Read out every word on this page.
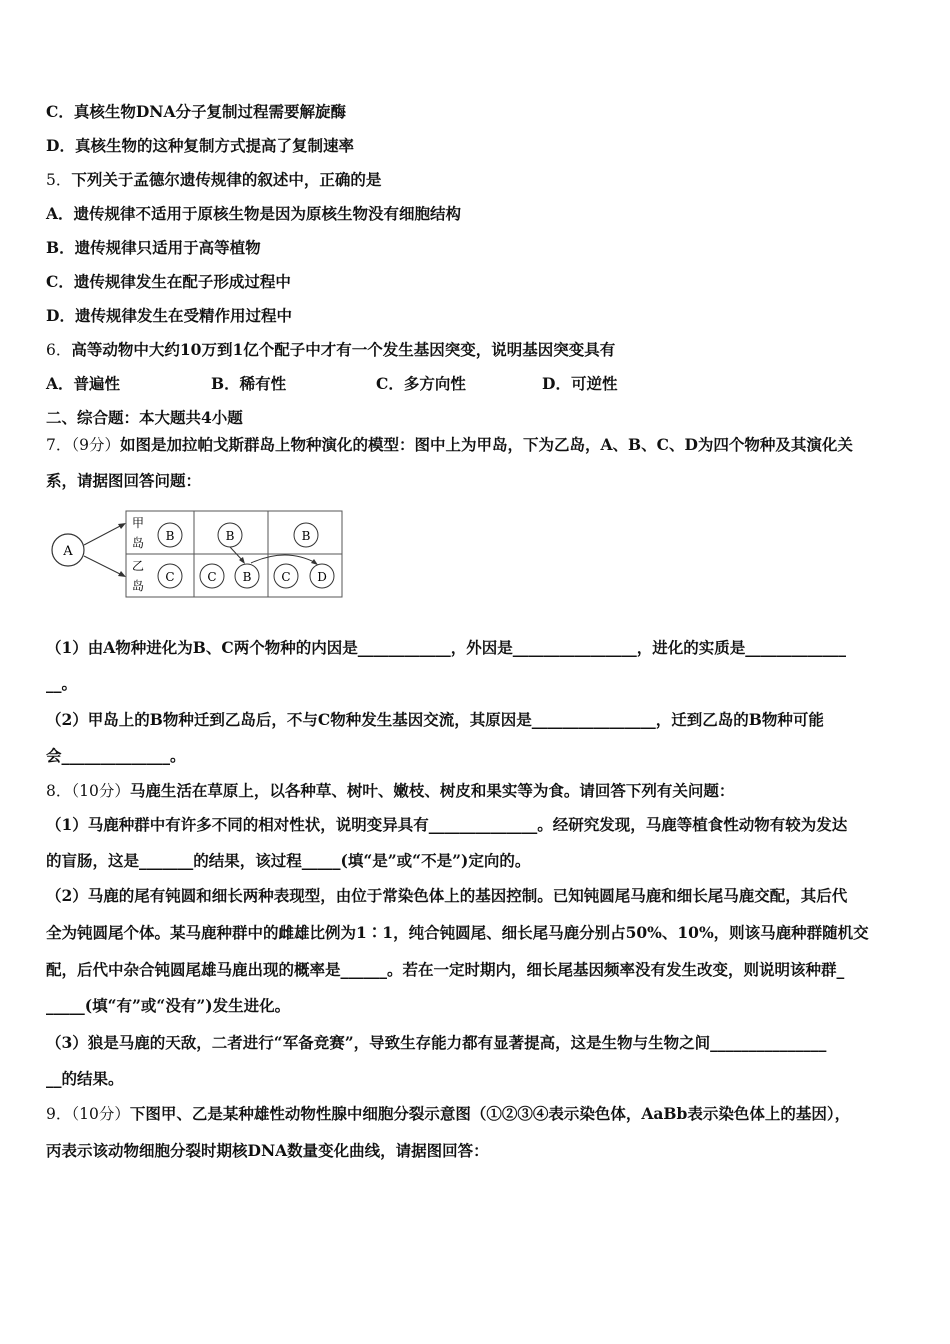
C．真核生物DNA分子复制过程需要解旋酶
D．真核生物的这种复制方式提高了复制速率
5．下列关于孟德尔遗传规律的叙述中，正确的是
A．遗传规律不适用于原核生物是因为原核生物没有细胞结构
B．遗传规律只适用于高等植物
C．遗传规律发生在配子形成过程中
D．遗传规律发生在受精作用过程中
6．高等动物中大约10万到1亿个配子中才有一个发生基因突变，说明基因突变具有
A．普遍性	B．稀有性	C．多方向性	D．可逆性
二、综合题：本大题共4小题
7．（9分）如图是加拉帕戈斯群岛上物种演化的模型：图中上为甲岛，下为乙岛，A、B、C、D为四个物种及其演化关
系，请据图回答问题：
A
甲
岛
乙
岛
B	B	B
C	C B C D
（1）由A物种进化为B、C两个物种的内因是____________，外因是________________，进化的实质是_____________
__。
（2）甲岛上的B物种迁到乙岛后，不与C物种发生基因交流，其原因是________________，迁到乙岛的B物种可能
会______________。
8．（10分）马鹿生活在草原上，以各种草、树叶、嫩枝、树皮和果实等为食。请回答下列有关问题：
（1）马鹿种群中有许多不同的相对性状，说明变异具有______________。经研究发现，马鹿等植食性动物有较为发达
的盲肠，这是_______的结果，该过程_____(填“是”或“不是”)定向的。
（2）马鹿的尾有钝圆和细长两种表现型，由位于常染色体上的基因控制。已知钝圆尾马鹿和细长尾马鹿交配，其后代
全为钝圆尾个体。某马鹿种群中的雌雄比例为1∶1，纯合钝圆尾、细长尾马鹿分别占50%、10%，则该马鹿种群随机交
配，后代中杂合钝圆尾雄马鹿出现的概率是______。若在一定时期内，细长尾基因频率没有发生改变，则说明该种群_
_____(填“有”或“没有”)发生进化。
（3）狼是马鹿的天敌，二者进行“军备竞赛”，导致生存能力都有显著提高，这是生物与生物之间_______________
__的结果。
9．（10分）下图甲、乙是某种雄性动物性腺中细胞分裂示意图（①②③④表示染色体，AaBb表示染色体上的基因），
丙表示该动物细胞分裂时期核DNA数量变化曲线，请据图回答：
